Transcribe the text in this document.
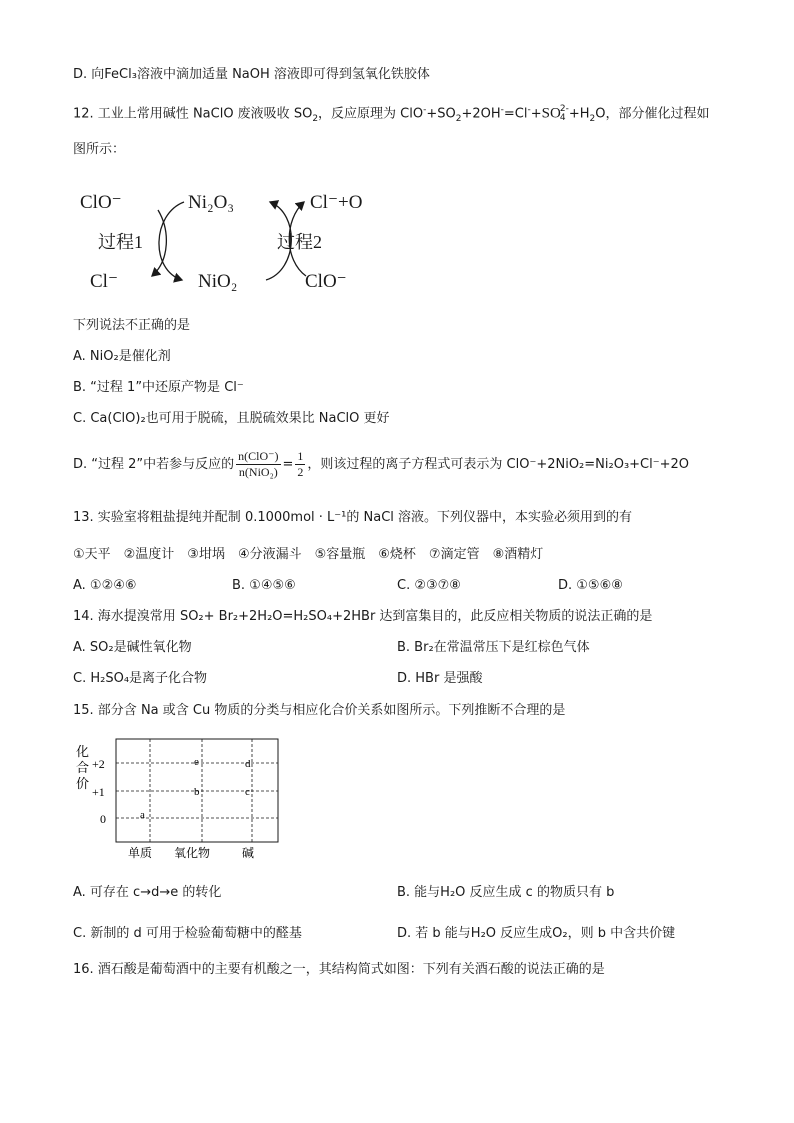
D. 向FeCl₃溶液中滴加适量 NaOH 溶液即可得到氢氧化铁胶体
12. 工业上常用碱性 NaClO 废液吸收 $SO_2$，反应原理为 $ClO^-+SO_2+2OH^-=Cl^-+SO$ 2-
$4 +H_2O$，部分催化过程如
图所示：
ClO⁻	Ni₂O₃	Cl⁻+O
过程1	过程2
Cl⁻	NiO₂	ClO⁻
下列说法不正确的是
A. NiO₂是催化剂
B. “过程 1”中还原产物是 Cl⁻
C. Ca(ClO)₂也可用于脱硫，且脱硫效果比 NaClO 更好
D. “过程 2”中若参与反应的 $\frac{\text{n(ClO⁻)}}{\text{n(NiO₂)}} = \frac{1}{2}$ ，则该过程的离子方程式可表示为 ClO⁻+2NiO₂=Ni₂O₃+Cl⁻+2O
13. 实验室将粗盐提纯并配制 0.1000mol · L⁻¹的 NaCl 溶液。下列仪器中，本实验必须用到的有
①天平　②温度计　③坩埚　④分液漏斗　⑤容量瓶　⑥烧杯　⑦滴定管　⑧酒精灯
A. ①②④⑥	B. ①④⑤⑥	C. ②③⑦⑧	D. ①⑤⑥⑧
14. 海水提溴常用 SO₂+ Br₂+2H₂O=H₂SO₄+2HBr 达到富集目的，此反应相关物质的说法正确的是
A. SO₂是碱性氧化物	B. Br₂在常温常压下是红棕色气体
C. H₂SO₄是离子化合物	D. HBr 是强酸
15. 部分含 Na 或含 Cu 物质的分类与相应化合价关系如图所示。下列推断不合理的是
化
合
价
+2
+1
0	a
b	c
d
e
单质 氧化物	碱
A. 可存在 c→d→e 的转化	B. 能与H₂O 反应生成 c 的物质只有 b
C. 新制的 d 可用于检验葡萄糖中的醛基	D. 若 b 能与H₂O 反应生成O₂，则 b 中含共价键
16. 酒石酸是葡萄酒中的主要有机酸之一，其结构简式如图：下列有关酒石酸的说法正确的是
